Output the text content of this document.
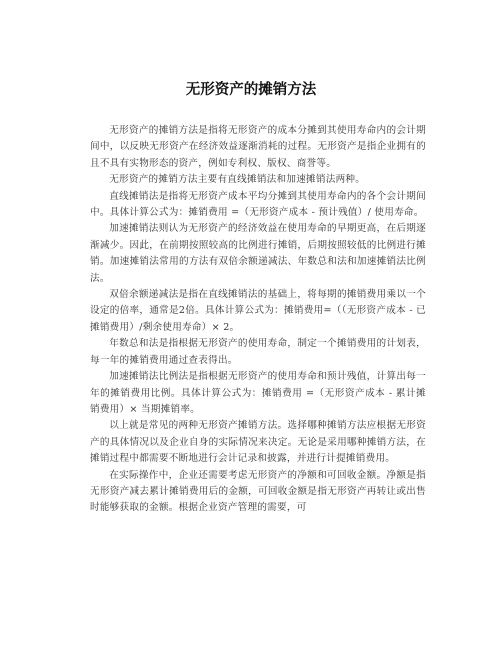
无形资产的摊销方法

无形资产的摊销方法是指将无形资产的成本分摊到其使用寿命内的会计期间中，以反映无形资产在经济效益逐渐消耗的过程。无形资产是指企业拥有的且不具有实物形态的资产，例如专利权、版权、商誉等。

无形资产的摊销方法主要有直线摊销法和加速摊销法两种。

直线摊销法是指将无形资产成本平均分摊到其使用寿命内的各个会计期间中。具体计算公式为：摊销费用 =（无形资产成本 - 预计残值）/ 使用寿命。

加速摊销法则认为无形资产的经济效益在使用寿命的早期更高，在后期逐渐减少。因此，在前期按照较高的比例进行摊销，后期按照较低的比例进行摊销。加速摊销法常用的方法有双倍余额递减法、年数总和法和加速摊销法比例法。

双倍余额递减法是指在直线摊销法的基础上，将每期的摊销费用乘以一个设定的倍率，通常是2倍。具体计算公式为：摊销费用=（（无形资产成本 - 已摊销费用）/剩余使用寿命）× 2。

年数总和法是指根据无形资产的使用寿命，制定一个摊销费用的计划表，每一年的摊销费用通过查表得出。

加速摊销法比例法是指根据无形资产的使用寿命和预计残值，计算出每一年的摊销费用比例。具体计算公式为：摊销费用 =（无形资产成本 - 累计摊销费用）× 当期摊销率。

以上就是常见的两种无形资产摊销方法。选择哪种摊销方法应根据无形资产的具体情况以及企业自身的实际情况来决定。无论是采用哪种摊销方法，在摊销过程中都需要不断地进行会计记录和披露，并进行计提摊销费用。

在实际操作中，企业还需要考虑无形资产的净额和可回收金额。净额是指无形资产减去累计摊销费用后的金额，可回收金额是指无形资产再转让或出售时能够获取的金额。根据企业资产管理的需要，可
